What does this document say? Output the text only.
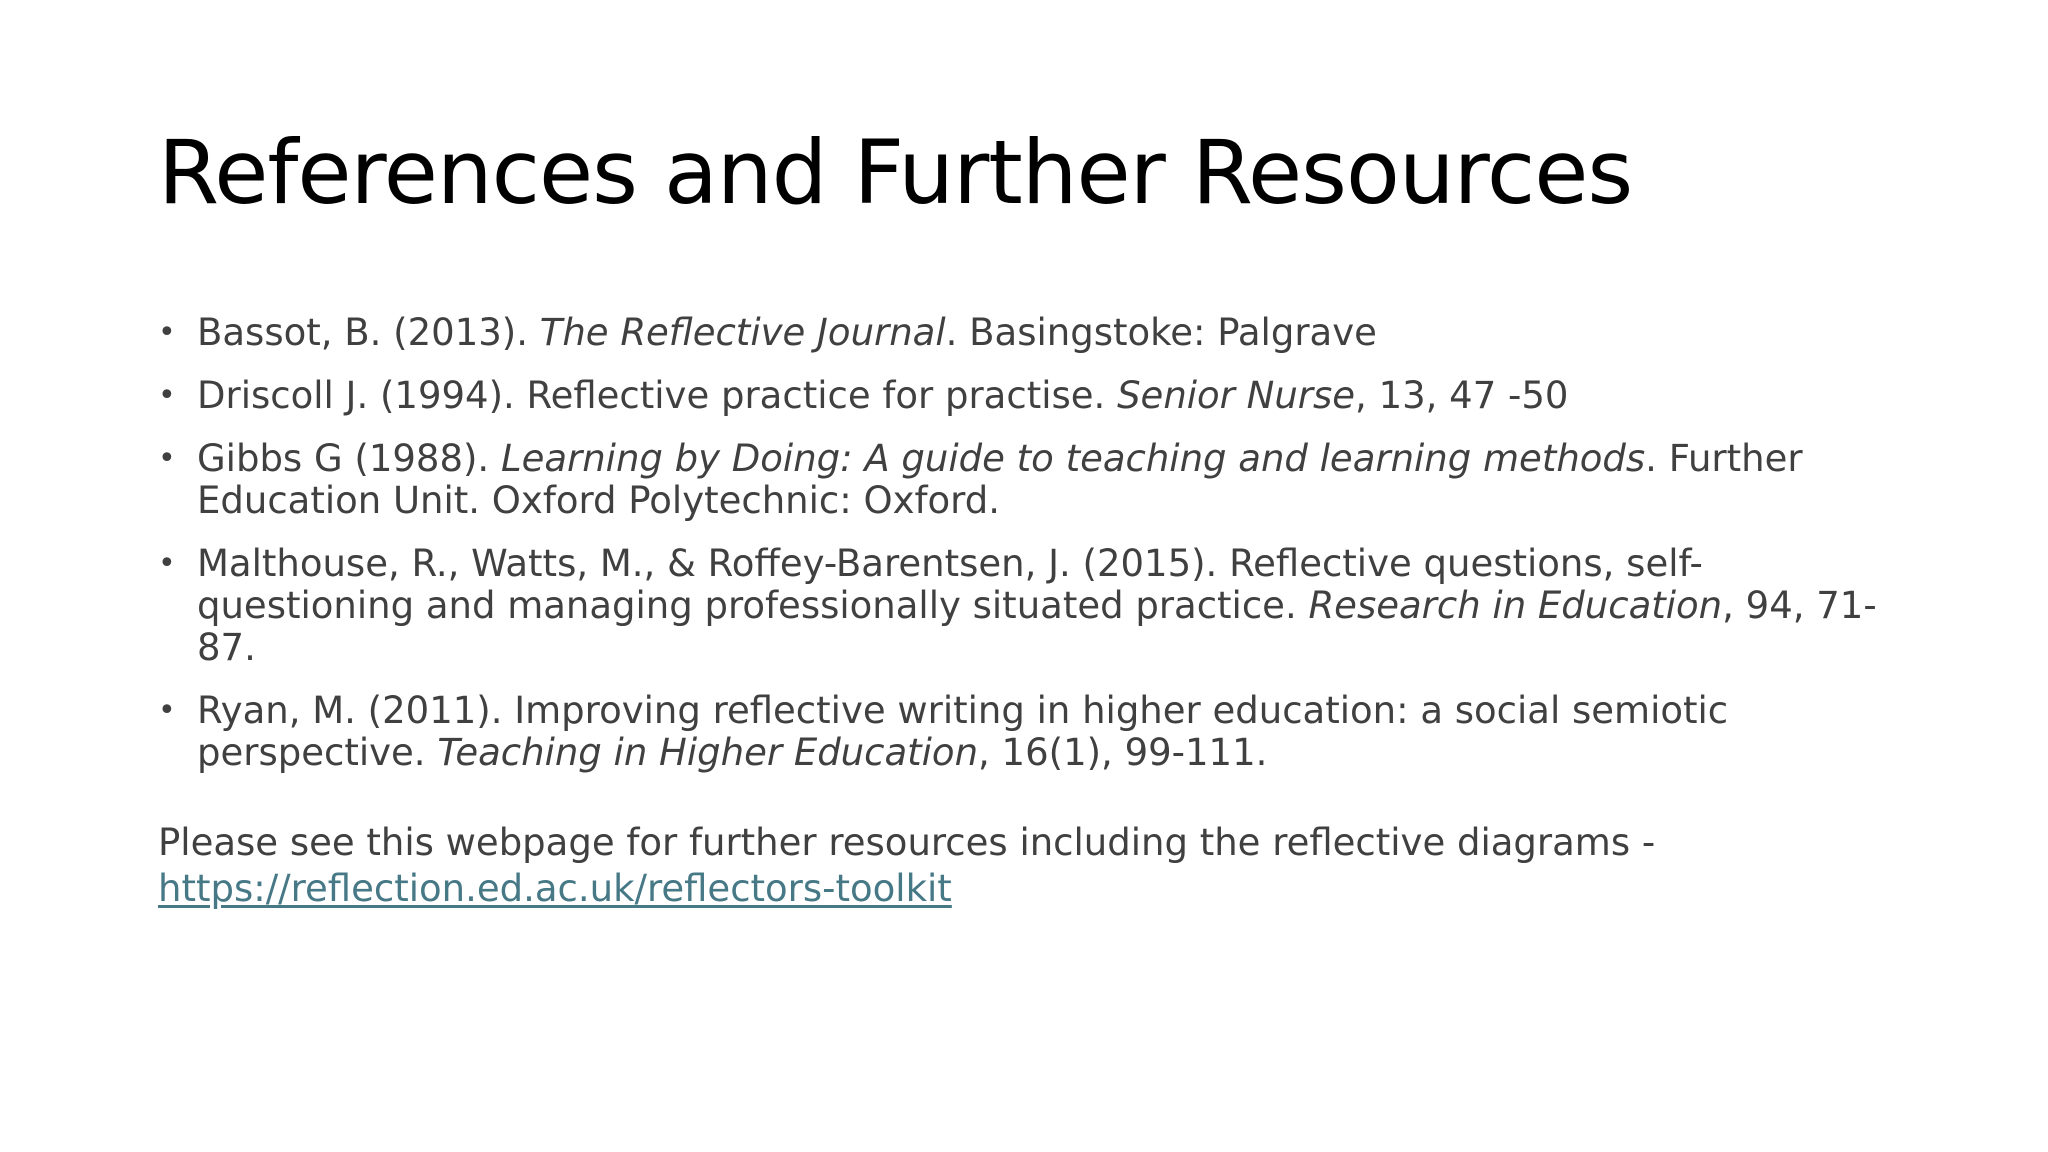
References and Further Resources
• Bassot, B. (2013). The Reflective Journal. Basingstoke: Palgrave
• Driscoll J. (1994). Reflective practice for practise. Senior Nurse, 13, 47 -50
• Gibbs G (1988). Learning by Doing: A guide to teaching and learning methods. Further Education Unit. Oxford Polytechnic: Oxford.
• Malthouse, R., Watts, M., & Roffey-Barentsen, J. (2015). Reflective questions, self-questioning and managing professionally situated practice. Research in Education, 94, 71-87.
• Ryan, M. (2011). Improving reflective writing in higher education: a social semiotic perspective. Teaching in Higher Education, 16(1), 99-111.

Please see this webpage for further resources including the reflective diagrams -
https://reflection.ed.ac.uk/reflectors-toolkit
